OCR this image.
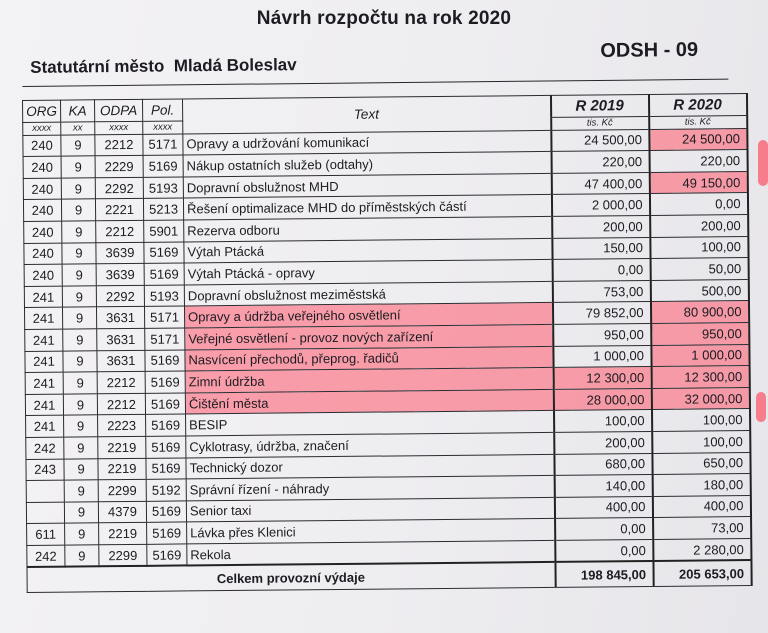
Návrh rozpočtu na rok 2020
Statutární město  Mladá Boleslav
ODSH - 09
ORG	KA	ODPA	Pol.	Text	R 2019	R 2020
xxxx	xx	xxxx	xxxx		tis. Kč	tis. Kč
240	9	2212	5171	Opravy a udržování komunikací	24 500,00	24 500,00
240	9	2229	5169	Nákup ostatních služeb (odtahy)	220,00	220,00
240	9	2292	5193	Dopravní obslužnost MHD	47 400,00	49 150,00
240	9	2221	5213	Řešení optimalizace MHD do příměstských částí	2 000,00	0,00
240	9	2212	5901	Rezerva odboru	200,00	200,00
240	9	3639	5169	Výtah Ptácká	150,00	100,00
240	9	3639	5169	Výtah Ptácká - opravy	0,00	50,00
241	9	2292	5193	Dopravní obslužnost meziměstská	753,00	500,00
241	9	3631	5171	Opravy a údržba veřejného osvětlení	79 852,00	80 900,00
241	9	3631	5171	Veřejné osvětlení - provoz nových zařízení	950,00	950,00
241	9	3631	5169	Nasvícení přechodů, přeprog. řadičů	1 000,00	1 000,00
241	9	2212	5169	Zimní údržba	12 300,00	12 300,00
241	9	2212	5169	Čištění města	28 000,00	32 000,00
241	9	2223	5169	BESIP	100,00	100,00
242	9	2219	5169	Cyklotrasy, údržba, značení	200,00	100,00
243	9	2219	5169	Technický dozor	680,00	650,00
	9	2299	5192	Správní řízení - náhrady	140,00	180,00
	9	4379	5169	Senior taxi	400,00	400,00
611	9	2219	5169	Lávka přes Klenici	0,00	73,00
242	9	2299	5169	Rekola	0,00	2 280,00
Celkem provozní výdaje					198 845,00	205 653,00
